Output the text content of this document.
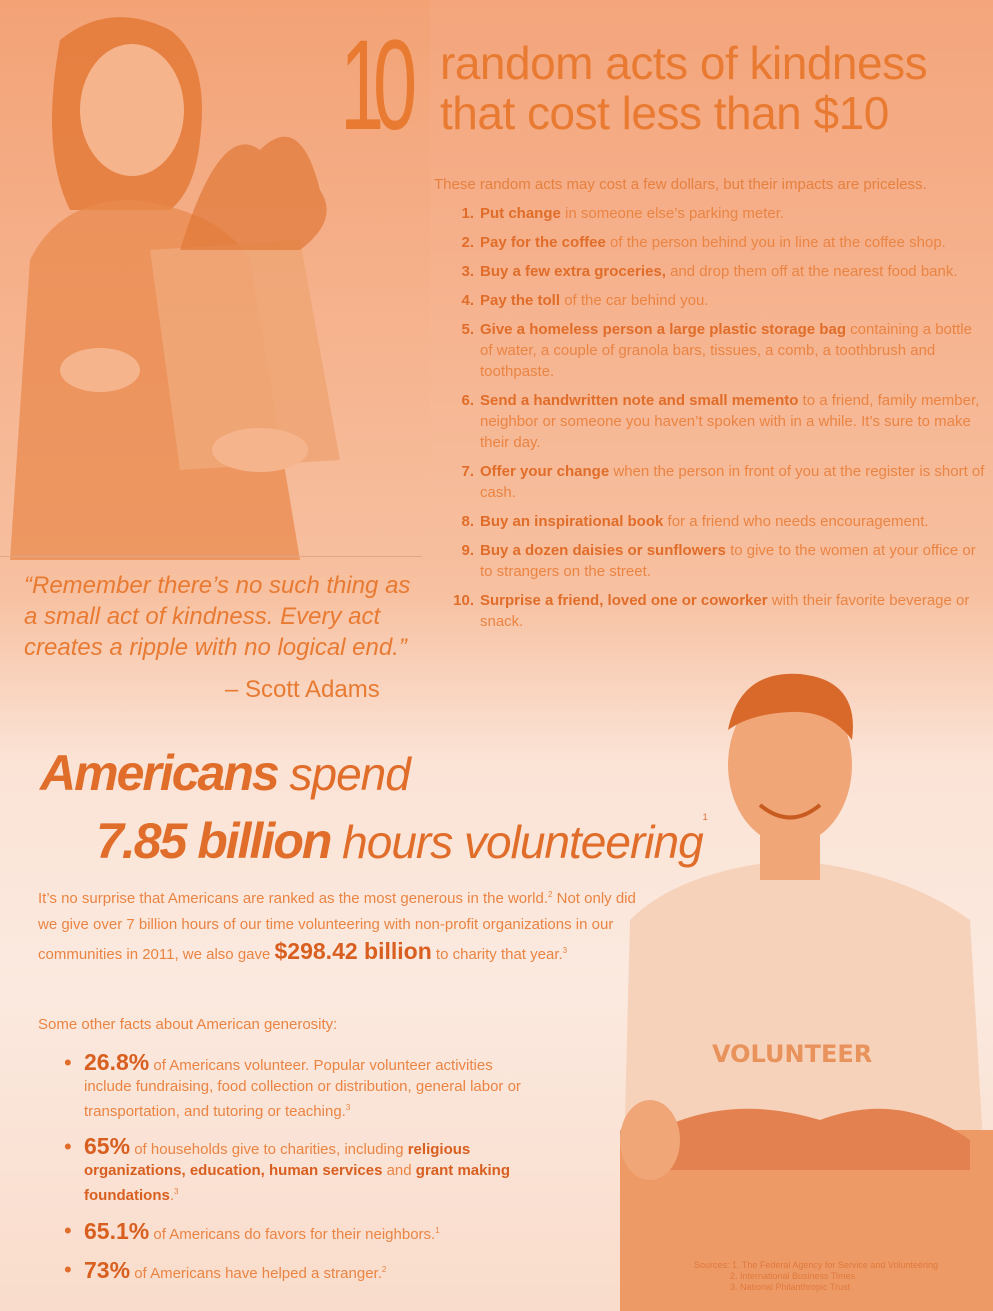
VOLUNTEER
10 random acts of kindness
that cost less than $10
These random acts may cost a few dollars, but their impacts are priceless.
1. Put change in someone else’s parking meter.
2. Pay for the coffee of the person behind you in line at the coffee shop.
3. Buy a few extra groceries, and drop them off at the nearest food bank.
4. Pay the toll of the car behind you.
5. Give a homeless person a large plastic storage bag containing a bottle of water, a couple of granola bars, tissues, a comb, a toothbrush and toothpaste.
6. Send a handwritten note and small memento to a friend, family member, neighbor or someone you haven’t spoken with in a while. It’s sure to make their day.
7. Offer your change when the person in front of you at the register is short of cash.
8. Buy an inspirational book for a friend who needs encouragement.
9. Buy a dozen daisies or sunflowers to give to the women at your office or to strangers on the street.
10. Surprise a friend, loved one or coworker with their favorite beverage or snack.
“Remember there’s no such thing as a small act of kindness. Every act creates a ripple with no logical end.”
– Scott Adams
Americans spend
7.85 billion hours volunteering$^1$
It’s no surprise that Americans are ranked as the most generous in the world.$^2$ Not only did we give over 7 billion hours of our time volunteering with non-profit organizations in our communities in 2011, we also gave $298.42 billion to charity that year.$^3$
Some other facts about American generosity:
• 26.8% of Americans volunteer. Popular volunteer activities include fundraising, food collection or distribution, general labor or transportation, and tutoring or teaching.$^3$
• 65% of households give to charities, including religious organizations, education, human services and grant making foundations.$^3$
• 65.1% of Americans do favors for their neighbors.$^1$
• 73% of Americans have helped a stranger.$^2$	Sources: 1. The Federal Agency for Service and Volunteering
2. International Business Times
3. National Philanthropic Trust
